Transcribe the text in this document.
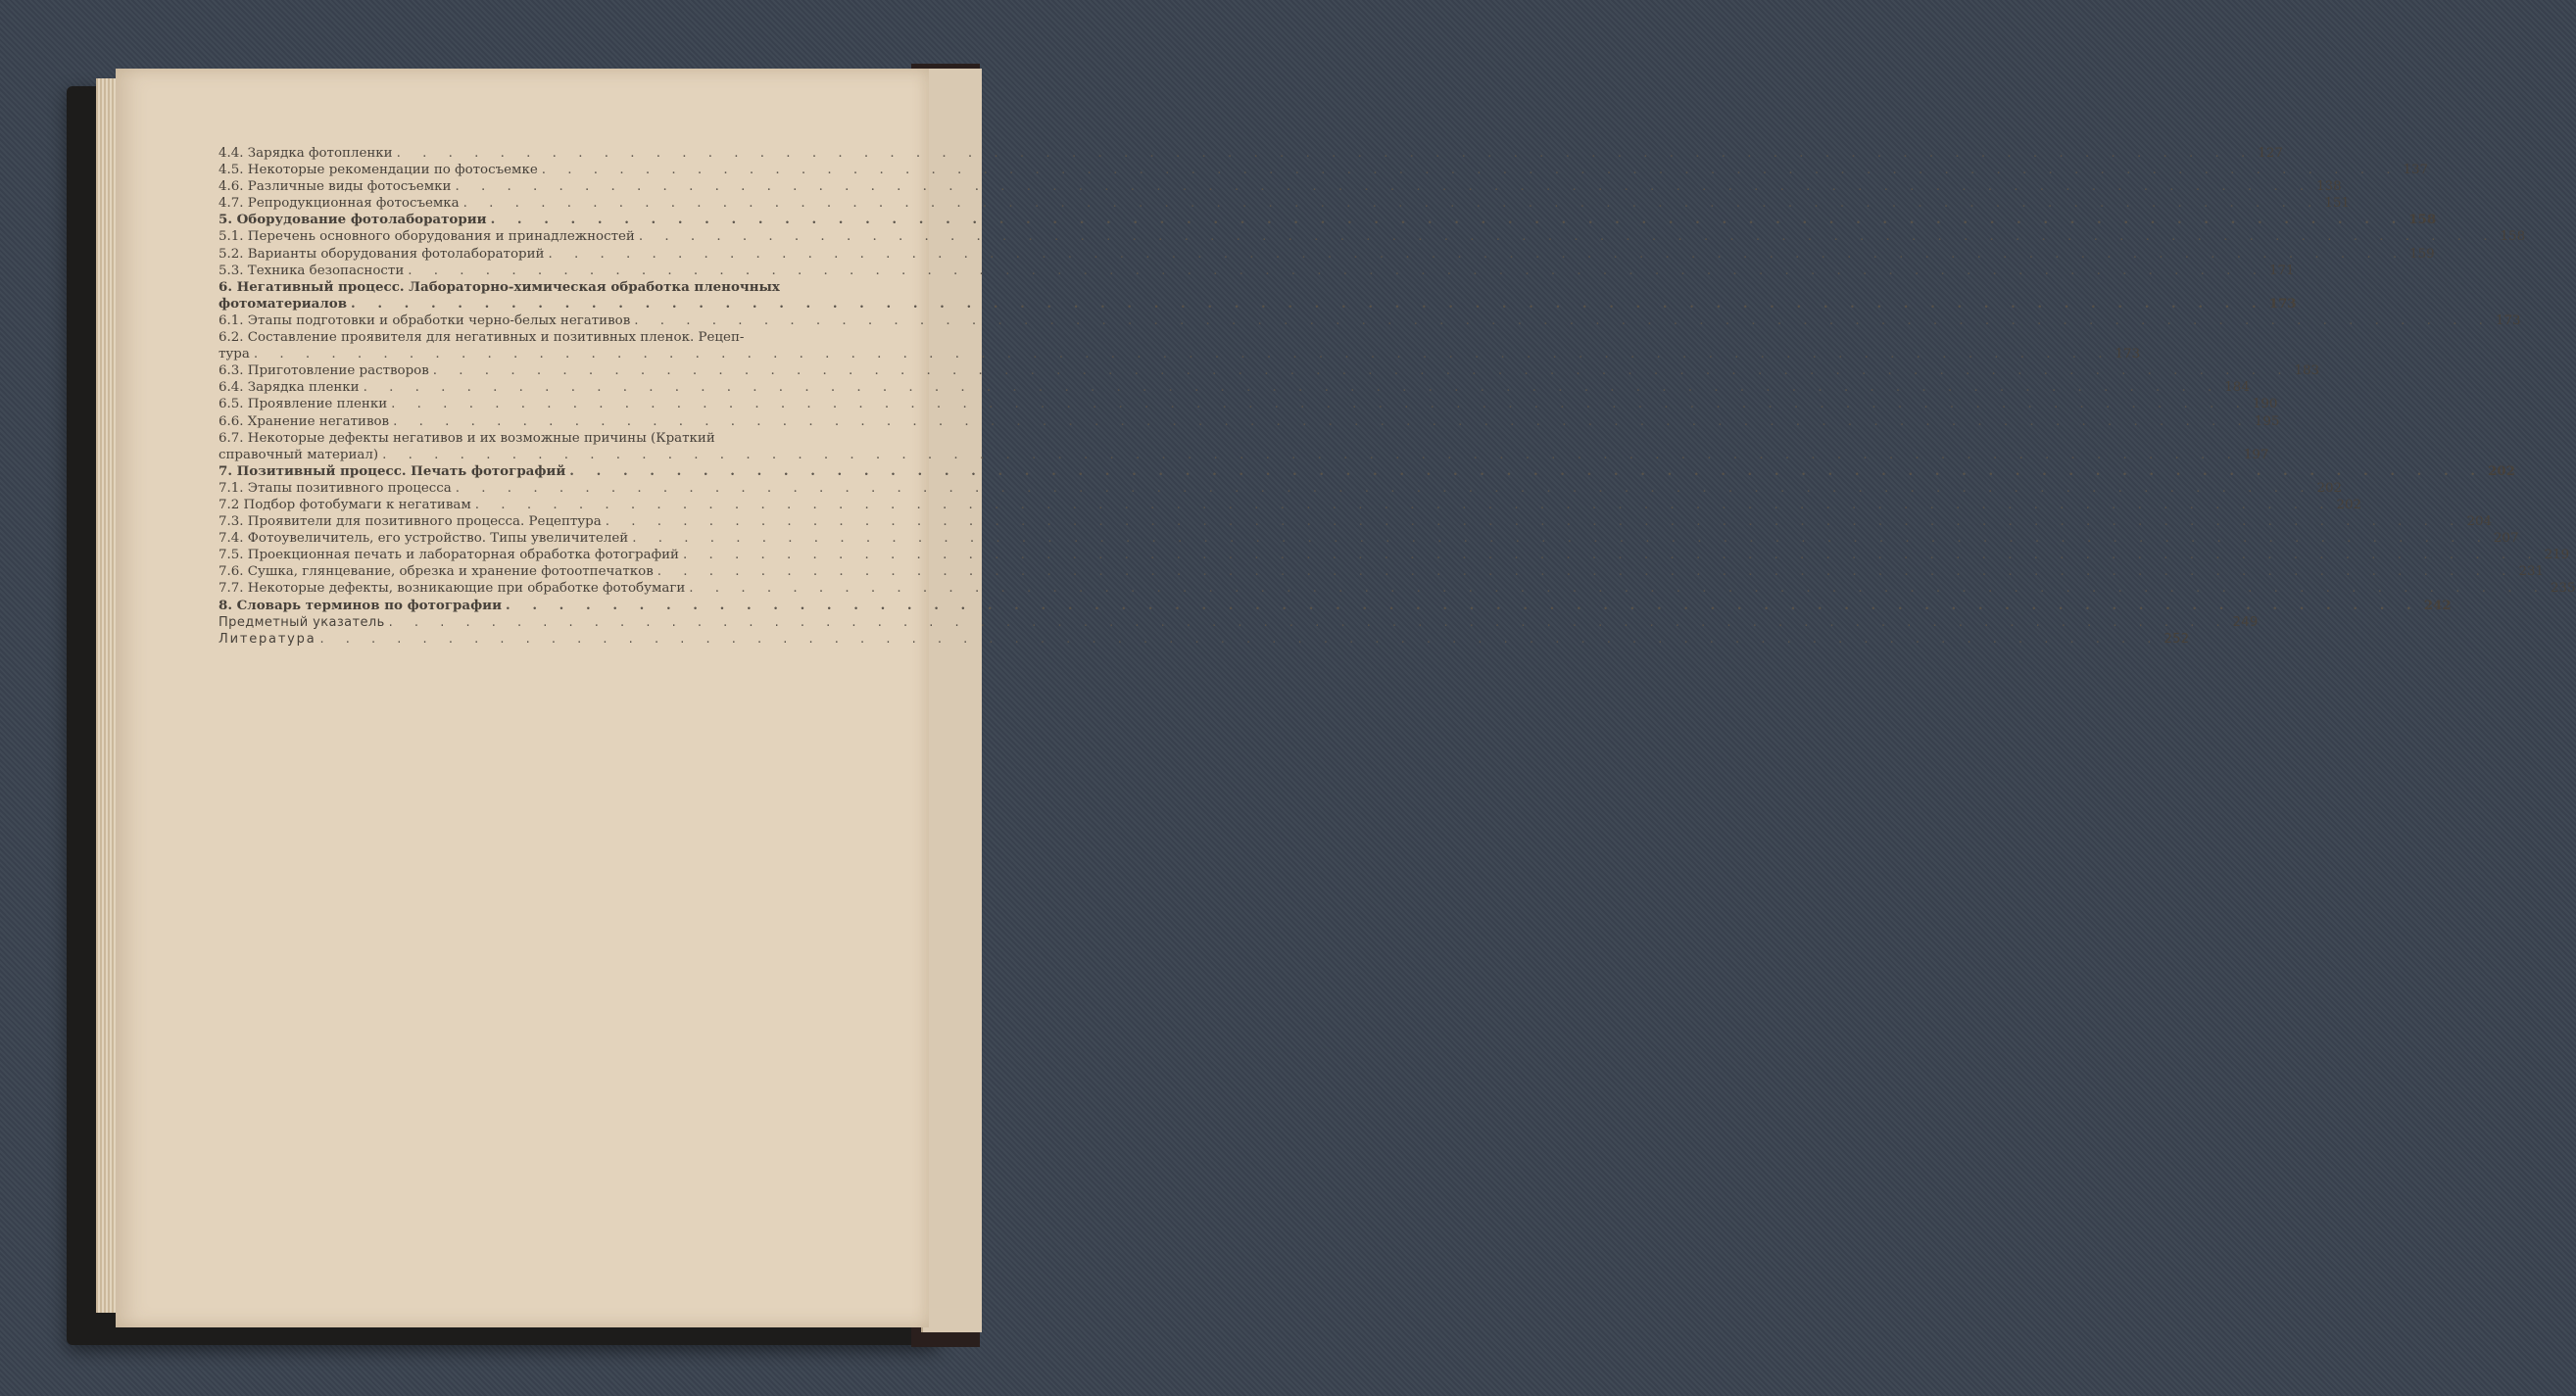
4.4. Зарядка фотопленки . . . . . . . . . . . . . . . . . . . . . . . . . . . . . . . . . . . . . . . . . . . . . . . . . . . . . . . . . . . . . . . . . . . . . . . . 127
4.5. Некоторые рекомендации по фотосъемке . . . . . . . . . . . . . . . . . . . . . . . . . . . . . . . . . . . . . . . . . . . . . . . . . . . . . . . . . . . . . . . . . . . . . . . . 137
4.6. Различные виды фотосъемки . . . . . . . . . . . . . . . . . . . . . . . . . . . . . . . . . . . . . . . . . . . . . . . . . . . . . . . . . . . . . . . . . . . . . . . . 138
4.7. Репродукционная фотосъемка . . . . . . . . . . . . . . . . . . . . . . . . . . . . . . . . . . . . . . . . . . . . . . . . . . . . . . . . . . . . . . . . . . . . . . . . 151
5. Оборудование фотолаборатории . . . . . . . . . . . . . . . . . . . . . . . . . . . . . . . . . . . . . . . . . . . . . . . . . . . . . . . . . . . . . . . . . . . . . . . . 158
5.1. Перечень основного оборудования и принадлежностей . . . . . . . . . . . . . . . . . . . . . . . . . . . . . . . . . . . . . . . . . . . . . . . . . . . . . . . . . . . . . . . . . . . . . . . . 158
5.2. Варианты оборудования фотолабораторий . . . . . . . . . . . . . . . . . . . . . . . . . . . . . . . . . . . . . . . . . . . . . . . . . . . . . . . . . . . . . . . . . . . . . . . . 159
5.3. Техника безопасности . . . . . . . . . . . . . . . . . . . . . . . . . . . . . . . . . . . . . . . . . . . . . . . . . . . . . . . . . . . . . . . . . . . . . . . . 171
6. Негативный процесс. Лабораторно-химическая обработка пленочных
фотоматериалов . . . . . . . . . . . . . . . . . . . . . . . . . . . . . . . . . . . . . . . . . . . . . . . . . . . . . . . . . . . . . . . . . . . . . . . . 173
6.1. Этапы подготовки и обработки черно-белых негативов . . . . . . . . . . . . . . . . . . . . . . . . . . . . . . . . . . . . . . . . . . . . . . . . . . . . . . . . . . . . . . . . . . . . . . . . 173
6.2. Составление проявителя для негативных и позитивных пленок. Рецеп-
тура . . . . . . . . . . . . . . . . . . . . . . . . . . . . . . . . . . . . . . . . . . . . . . . . . . . . . . . . . . . . . . . . . . . . . . . . 173
6.3. Приготовление растворов . . . . . . . . . . . . . . . . . . . . . . . . . . . . . . . . . . . . . . . . . . . . . . . . . . . . . . . . . . . . . . . . . . . . . . . . 183
6.4. Зарядка пленки . . . . . . . . . . . . . . . . . . . . . . . . . . . . . . . . . . . . . . . . . . . . . . . . . . . . . . . . . . . . . . . . . . . . . . . . 184
6.5. Проявление пленки . . . . . . . . . . . . . . . . . . . . . . . . . . . . . . . . . . . . . . . . . . . . . . . . . . . . . . . . . . . . . . . . . . . . . . . . 190
6.6. Хранение негативов . . . . . . . . . . . . . . . . . . . . . . . . . . . . . . . . . . . . . . . . . . . . . . . . . . . . . . . . . . . . . . . . . . . . . . . . 195
6.7. Некоторые дефекты негативов и их возможные причины (Краткий
справочный материал) . . . . . . . . . . . . . . . . . . . . . . . . . . . . . . . . . . . . . . . . . . . . . . . . . . . . . . . . . . . . . . . . . . . . . . . . 197
7. Позитивный процесс. Печать фотографий . . . . . . . . . . . . . . . . . . . . . . . . . . . . . . . . . . . . . . . . . . . . . . . . . . . . . . . . . . . . . . . . . . . . . . . . 202
7.1. Этапы позитивного процесса . . . . . . . . . . . . . . . . . . . . . . . . . . . . . . . . . . . . . . . . . . . . . . . . . . . . . . . . . . . . . . . . . . . . . . . . 202
7.2 Подбор фотобумаги к негативам . . . . . . . . . . . . . . . . . . . . . . . . . . . . . . . . . . . . . . . . . . . . . . . . . . . . . . . . . . . . . . . . . . . . . . . . 202
7.3. Проявители для позитивного процесса. Рецептура . . . . . . . . . . . . . . . . . . . . . . . . . . . . . . . . . . . . . . . . . . . . . . . . . . . . . . . . . . . . . . . . . . . . . . . . 204
7.4. Фотоувеличитель, его устройство. Типы увеличителей . . . . . . . . . . . . . . . . . . . . . . . . . . . . . . . . . . . . . . . . . . . . . . . . . . . . . . . . . . . . . . . . . . . . . . . . 207
7.5. Проекционная печать и лабораторная обработка фотографий . . . . . . . . . . . . . . . . . . . . . . . . . . . . . . . . . . . . . . . . . . . . . . . . . . . . . . . . . . . . . . . . . . . . . . . . 219
7.6. Сушка, глянцевание, обрезка и хранение фотоотпечатков . . . . . . . . . . . . . . . . . . . . . . . . . . . . . . . . . . . . . . . . . . . . . . . . . . . . . . . . . . . . . . . . . . . . . . . . 231
7.7. Некоторые дефекты, возникающие при обработке фотобумаги . . . . . . . . . . . . . . . . . . . . . . . . . . . . . . . . . . . . . . . . . . . . . . . . . . . . . . . . . . . . . . . . . . . . . . . . 235
8. Словарь терминов по фотографии . . . . . . . . . . . . . . . . . . . . . . . . . . . . . . . . . . . . . . . . . . . . . . . . . . . . . . . . . . . . . . . . . . . . . . . . 242
Предметный указатель . . . . . . . . . . . . . . . . . . . . . . . . . . . . . . . . . . . . . . . . . . . . . . . . . . . . . . . . . . . . . . . . . . . . . . . . 249
Литература . . . . . . . . . . . . . . . . . . . . . . . . . . . . . . . . . . . . . . . . . . . . . . . . . . . . . . . . . . . . . . . . . . . . . . . . 252
